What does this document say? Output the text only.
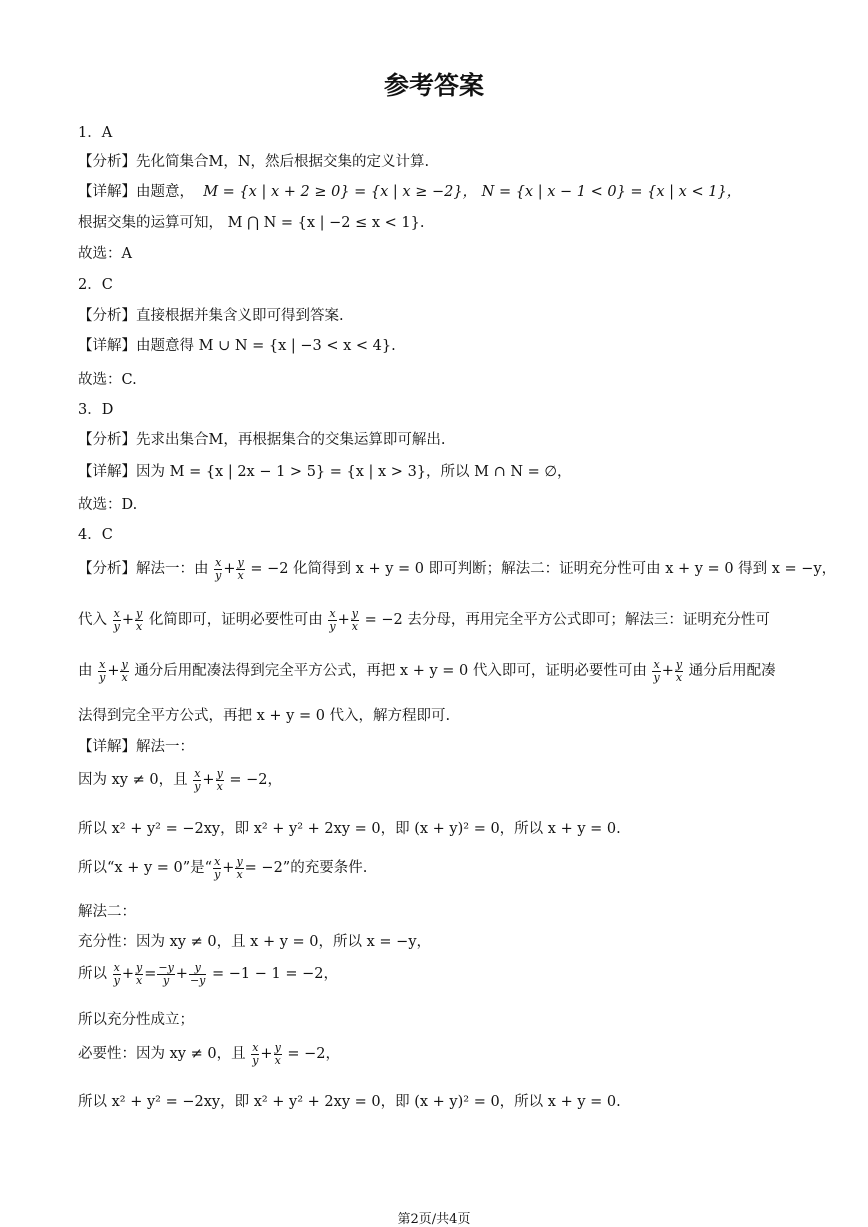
参考答案
1．A
【分析】先化简集合M，N，然后根据交集的定义计算.
【详解】由题意， M = {x | x + 2 ≥ 0} = {x | x ≥ −2}， N = {x | x − 1 < 0} = {x | x < 1}，
根据交集的运算可知， M ⋂ N = {x | −2 ≤ x < 1}.
故选：A
2．C
【分析】直接根据并集含义即可得到答案.
【详解】由题意得 M ∪ N = {x | −3 < x < 4}.
故选：C.
3．D
【分析】先求出集合M，再根据集合的交集运算即可解出.
【详解】因为 M = {x | 2x − 1 > 5} = {x | x > 3}，所以 M ∩ N = ∅，
故选：D.
4．C
【分析】解法一：由 $\frac{x}{y} + \frac{y}{x} = -2$ 化简得到 x + y = 0 即可判断；解法二：证明充分性可由 x + y = 0 得到 x = −y，
代入 $\frac{x}{y} + \frac{y}{x}$ 化简即可，证明必要性可由 $\frac{x}{y} + \frac{y}{x} = -2$ 去分母，再用完全平方公式即可；解法三：证明充分性可
由 $\frac{x}{y} + \frac{y}{x}$ 通分后用配凑法得到完全平方公式，再把 x + y = 0 代入即可，证明必要性可由 $\frac{x}{y} + \frac{y}{x}$ 通分后用配凑
法得到完全平方公式，再把 x + y = 0 代入，解方程即可.
【详解】解法一：
因为 xy ≠ 0，且 $\frac{x}{y} + \frac{y}{x} = -2$，
所以 x² + y² = −2xy，即 x² + y² + 2xy = 0，即 (x + y)² = 0，所以 x + y = 0.
所以“x + y = 0”是“ $\frac{x}{y} + \frac{y}{x} = -2$”的充要条件.
解法二：
充分性：因为 xy ≠ 0，且 x + y = 0，所以 x = −y，
所以 $\frac{x}{y} + \frac{y}{x} = \frac{-y}{y} + \frac{y}{-y} = -1 - 1 = -2$，
所以充分性成立；
必要性：因为 xy ≠ 0，且 $\frac{x}{y} + \frac{y}{x} = -2$，
所以 x² + y² = −2xy，即 x² + y² + 2xy = 0，即 (x + y)² = 0，所以 x + y = 0.
第2页/共4页
